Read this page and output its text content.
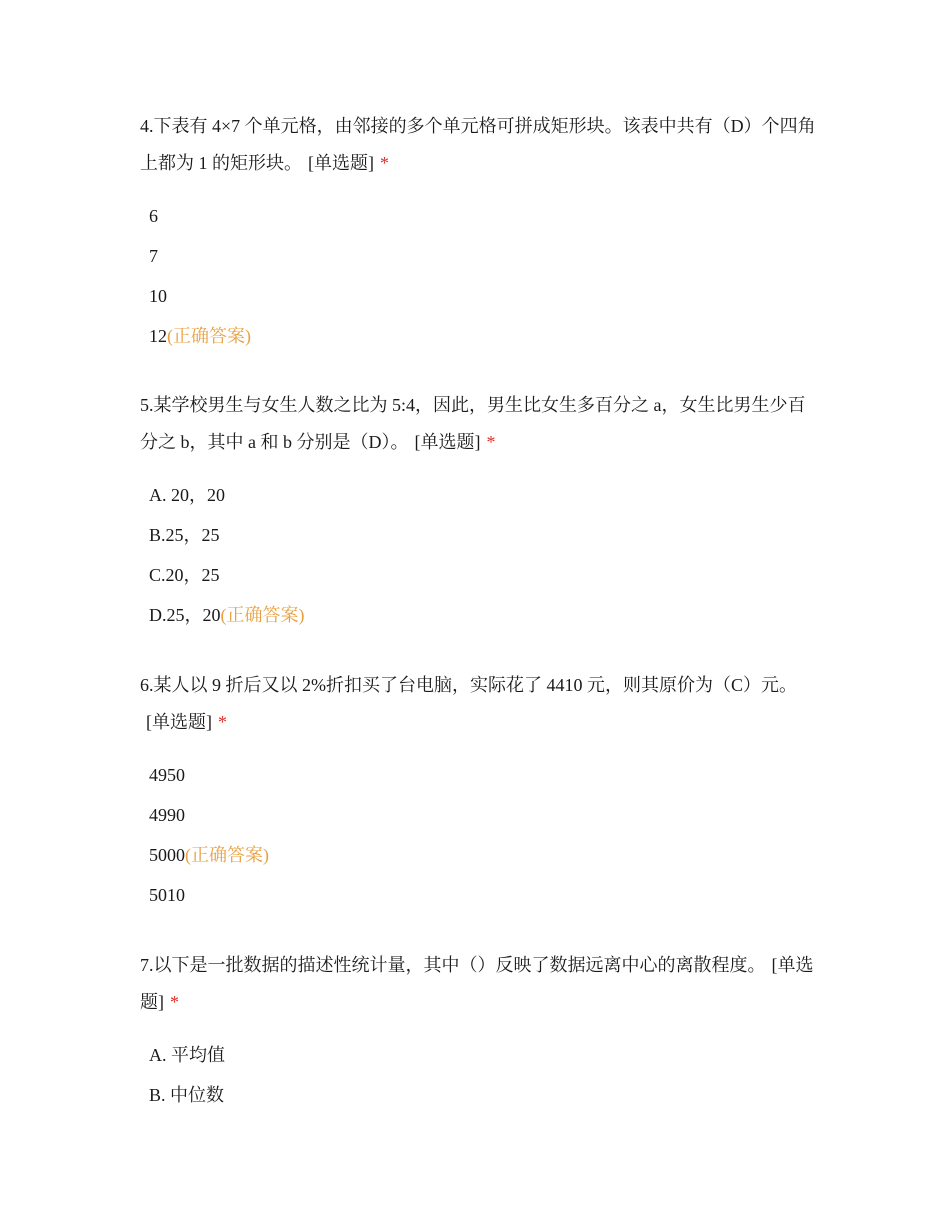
4.下表有 4×7 个单元格，由邻接的多个单元格可拼成矩形块。该表中共有（D）个四角上都为 1 的矩形块。 [单选题] *

6
7
10
12(正确答案)

5.某学校男生与女生人数之比为 5:4，因此，男生比女生多百分之 a，女生比男生少百分之 b，其中 a 和 b 分别是（D）。 [单选题] *

A. 20，20
B.25，25
C.20，25
D.25，20(正确答案)

6.某人以 9 折后又以 2%折扣买了台电脑，实际花了 4410 元，则其原价为（C）元。[单选题] *

4950
4990
5000(正确答案)
5010

7.以下是一批数据的描述性统计量，其中（）反映了数据远离中心的离散程度。 [单选题] *

A. 平均值
B. 中位数
